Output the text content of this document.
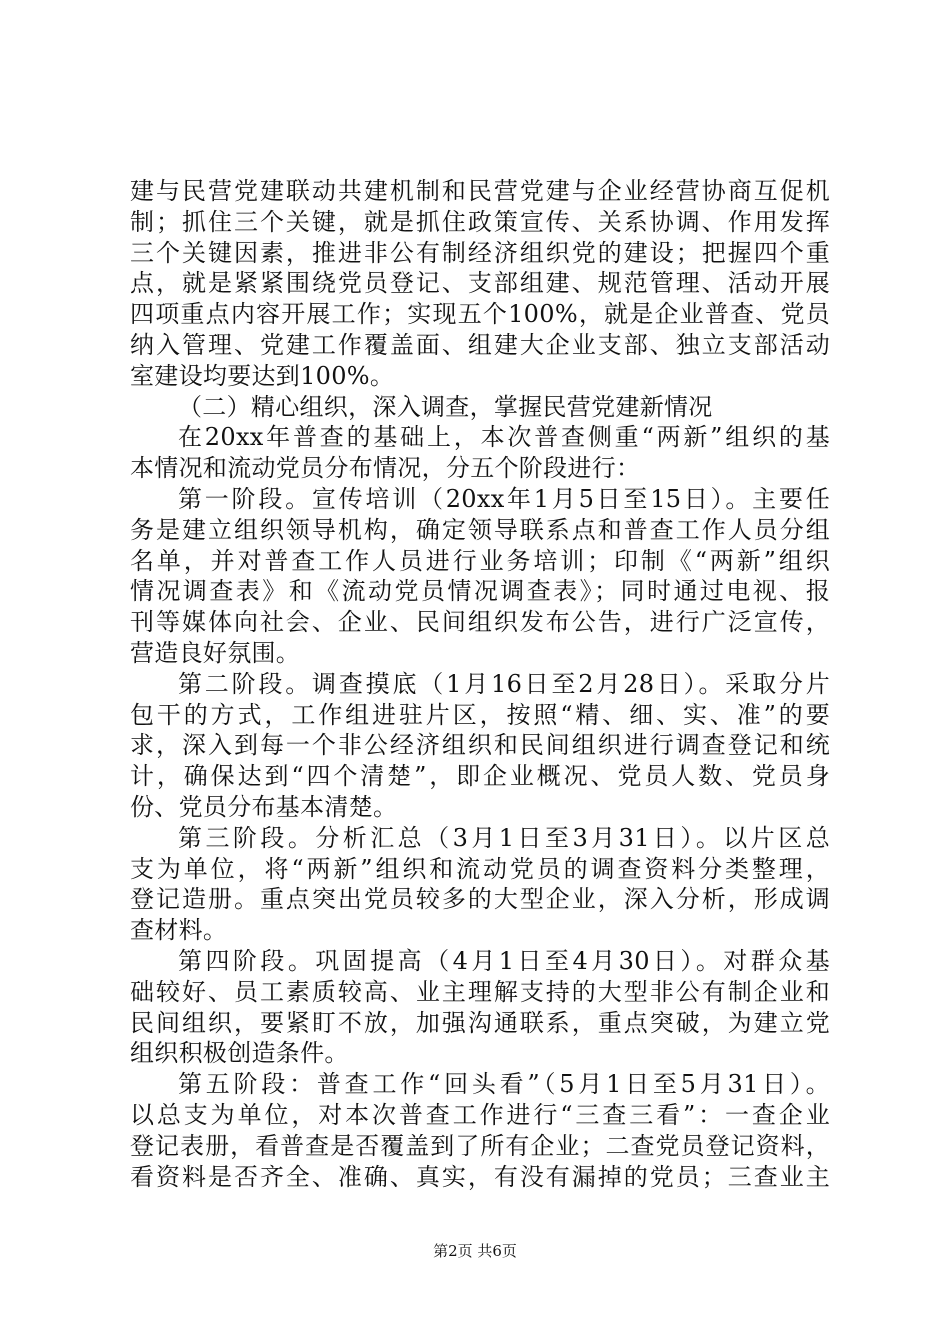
建与民营党建联动共建机制和民营党建与企业经营协商互促机
制；抓住三个关键，就是抓住政策宣传、关系协调、作用发挥
三个关键因素，推进非公有制经济组织党的建设；把握四个重
点，就是紧紧围绕党员登记、支部组建、规范管理、活动开展
四项重点内容开展工作；实现五个100%，就是企业普查、党员
纳入管理、党建工作覆盖面、组建大企业支部、独立支部活动
室建设均要达到100%。
（二）精心组织，深入调查，掌握民营党建新情况
在20xx年普查的基础上，本次普查侧重“两新”组织的基
本情况和流动党员分布情况，分五个阶段进行：
第一阶段。宣传培训（20xx年1月5日至15日）。主要任
务是建立组织领导机构，确定领导联系点和普查工作人员分组
名单，并对普查工作人员进行业务培训；印制《“两新”组织
情况调查表》和《流动党员情况调查表》；同时通过电视、报
刊等媒体向社会、企业、民间组织发布公告，进行广泛宣传，
营造良好氛围。
第二阶段。调查摸底（1月16日至2月28日）。采取分片
包干的方式，工作组进驻片区，按照“精、细、实、准”的要
求，深入到每一个非公经济组织和民间组织进行调查登记和统
计，确保达到“四个清楚”，即企业概况、党员人数、党员身
份、党员分布基本清楚。
第三阶段。分析汇总（3月1日至3月31日）。以片区总
支为单位，将“两新”组织和流动党员的调查资料分类整理，
登记造册。重点突出党员较多的大型企业，深入分析，形成调
查材料。
第四阶段。巩固提高（4月1日至4月30日）。对群众基
础较好、员工素质较高、业主理解支持的大型非公有制企业和
民间组织，要紧盯不放，加强沟通联系，重点突破，为建立党
组织积极创造条件。
第五阶段：普查工作“回头看”（5月1日至5月31日）。
以总支为单位，对本次普查工作进行“三查三看”：一查企业
登记表册，看普查是否覆盖到了所有企业；二查党员登记资料，
看资料是否齐全、准确、真实，有没有漏掉的党员；三查业主
第2页 共6页
